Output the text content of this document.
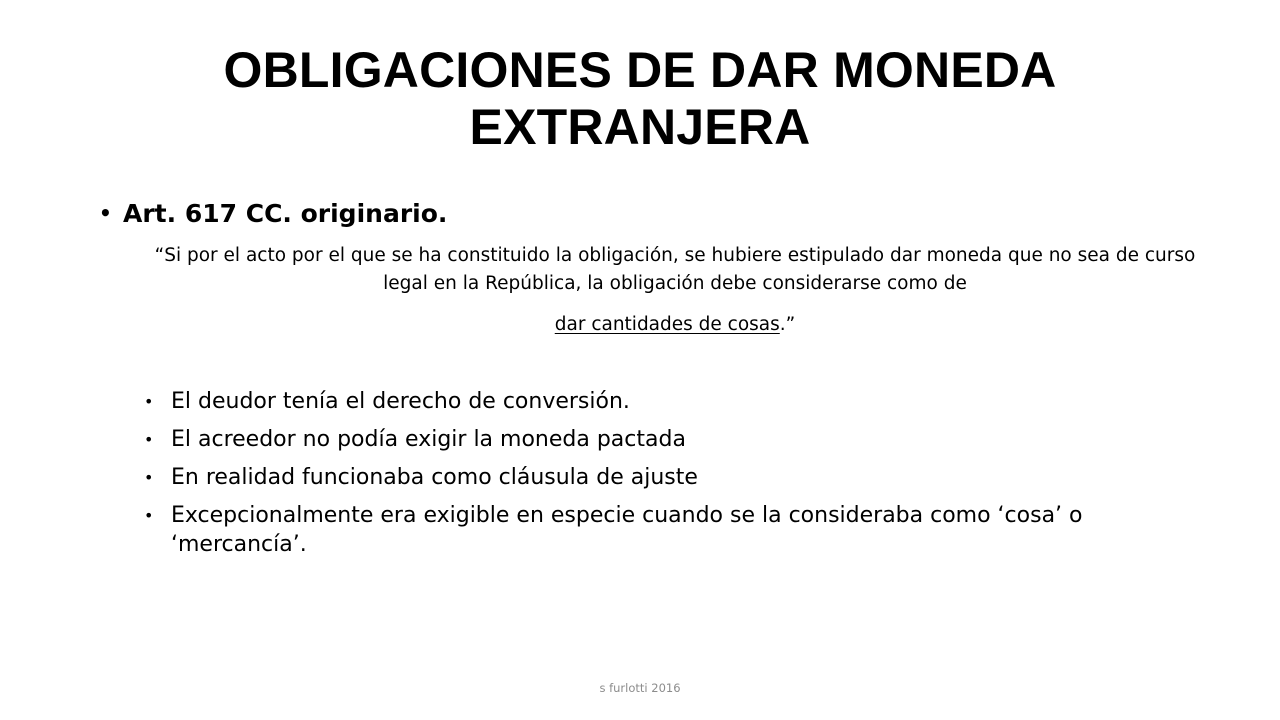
OBLIGACIONES DE DAR MONEDA EXTRANJERA
• Art. 617 CC. originario.
“Si por el acto por el que se ha constituido la obligación, se hubiere estipulado dar moneda que no sea de curso legal en la República, la obligación debe considerarse como de
dar cantidades de cosas.”
• El deudor tenía el derecho de conversión.
• El acreedor no podía exigir la moneda pactada
• En realidad funcionaba como cláusula de ajuste
• Excepcionalmente era exigible en especie cuando se la consideraba como ‘cosa’ o ‘mercancía’.
s furlotti 2016
